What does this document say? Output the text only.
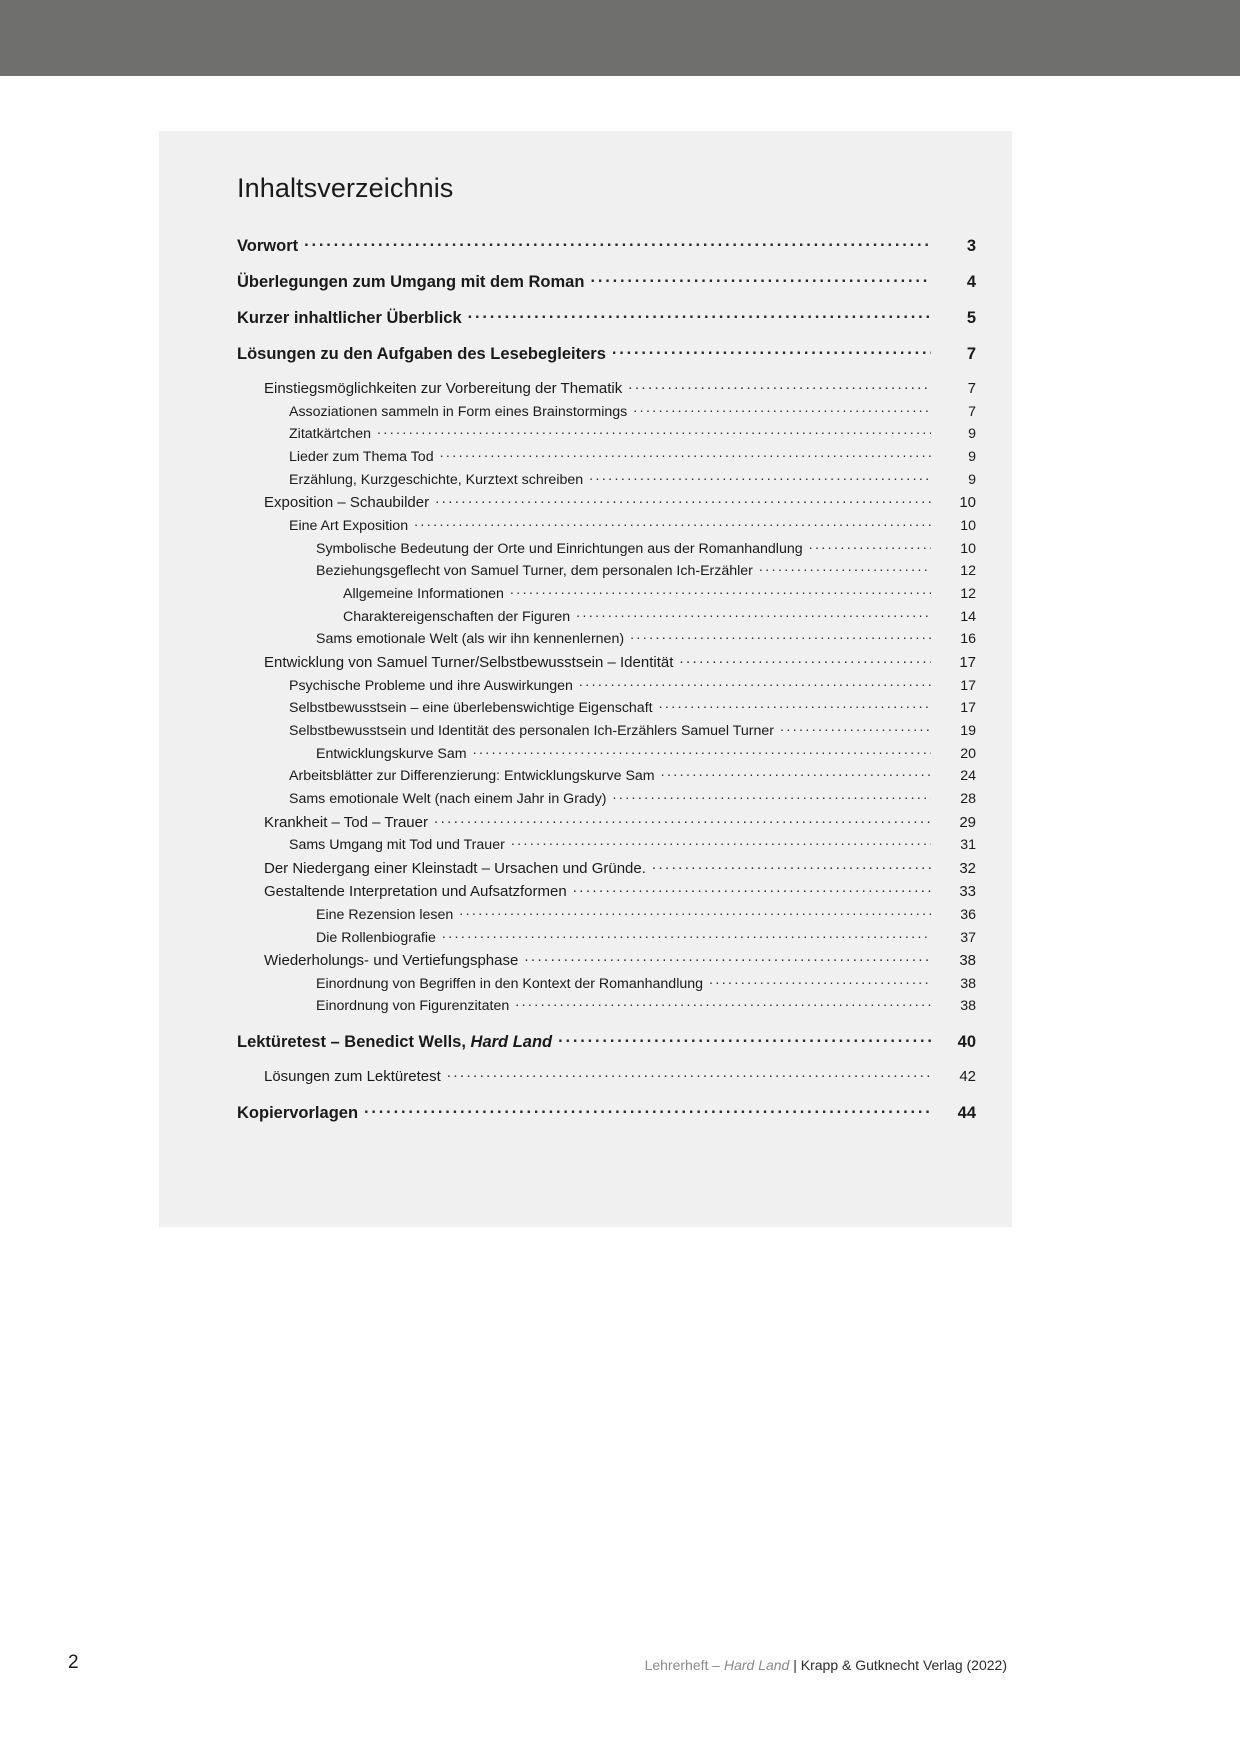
Inhaltsverzeichnis
Vorwort .....	3
Überlegungen zum Umgang mit dem Roman .....	4
Kurzer inhaltlicher Überblick .....	5
Lösungen zu den Aufgaben des Lesebegleiters .....	7
Einstiegsmöglichkeiten zur Vorbereitung der Thematik .....	7
Assoziationen sammeln in Form eines Brainstormings .....	7
Zitatkärtchen .....	9
Lieder zum Thema Tod .....	9
Erzählung, Kurzgeschichte, Kurztext schreiben .....	9
Exposition – Schaubilder .....	10
Eine Art Exposition .....	10
Symbolische Bedeutung der Orte und Einrichtungen aus der Romanhandlung .....	10
Beziehungsgeflecht von Samuel Turner, dem personalen Ich-Erzähler .....	12
Allgemeine Informationen .....	12
Charaktereigenschaften der Figuren .....	14
Sams emotionale Welt (als wir ihn kennenlernen) .....	16
Entwicklung von Samuel Turner/Selbstbewusstsein – Identität .....	17
Psychische Probleme und ihre Auswirkungen .....	17
Selbstbewusstsein – eine überlebenswichtige Eigenschaft .....	17
Selbstbewusstsein und Identität des personalen Ich-Erzählers Samuel Turner .....	19
Entwicklungskurve Sam .....	20
Arbeitsblätter zur Differenzierung: Entwicklungskurve Sam .....	24
Sams emotionale Welt (nach einem Jahr in Grady) .....	28
Krankheit – Tod – Trauer .....	29
Sams Umgang mit Tod und Trauer .....	31
Der Niedergang einer Kleinstadt – Ursachen und Gründe. .....	32
Gestaltende Interpretation und Aufsatzformen .....	33
Eine Rezension lesen .....	36
Die Rollenbiografie .....	37
Wiederholungs- und Vertiefungsphase .....	38
Einordnung von Begriffen in den Kontext der Romanhandlung .....	38
Einordnung von Figurenzitaten .....	38
Lektüretest – Benedict Wells, Hard Land .....	40
Lösungen zum Lektüretest .....	42
Kopiervorlagen .....	44
2	Lehrerheft – Hard Land | Krapp & Gutknecht Verlag (2022)
